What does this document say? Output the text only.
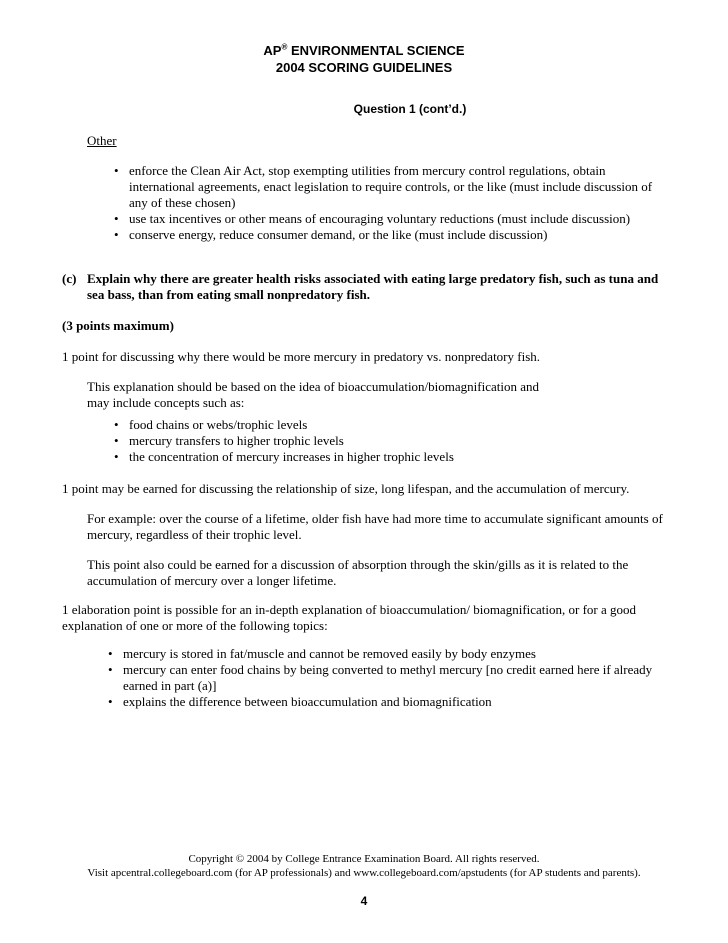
AP® ENVIRONMENTAL SCIENCE
2004 SCORING GUIDELINES
Question 1 (cont’d.)
Other
• enforce the Clean Air Act, stop exempting utilities from mercury control regulations, obtain international agreements, enact legislation to require controls, or the like (must include discussion of any of these chosen)
• use tax incentives or other means of encouraging voluntary reductions (must include discussion)
• conserve energy, reduce consumer demand, or the like (must include discussion)
(c) Explain why there are greater health risks associated with eating large predatory fish, such as tuna and sea bass, than from eating small nonpredatory fish.
(3 points maximum)
1 point for discussing why there would be more mercury in predatory vs. nonpredatory fish.
This explanation should be based on the idea of bioaccumulation/biomagnification and may include concepts such as:
• food chains or webs/trophic levels
• mercury transfers to higher trophic levels
• the concentration of mercury increases in higher trophic levels
1 point may be earned for discussing the relationship of size, long lifespan, and the accumulation of mercury.
For example: over the course of a lifetime, older fish have had more time to accumulate significant amounts of mercury, regardless of their trophic level.
This point also could be earned for a discussion of absorption through the skin/gills as it is related to the accumulation of mercury over a longer lifetime.
1 elaboration point is possible for an in-depth explanation of bioaccumulation/ biomagnification, or for a good explanation of one or more of the following topics:
• mercury is stored in fat/muscle and cannot be removed easily by body enzymes
• mercury can enter food chains by being converted to methyl mercury [no credit earned here if already earned in part (a)]
• explains the difference between bioaccumulation and biomagnification
Copyright © 2004 by College Entrance Examination Board. All rights reserved.
Visit apcentral.collegeboard.com (for AP professionals) and www.collegeboard.com/apstudents (for AP students and parents).
4
